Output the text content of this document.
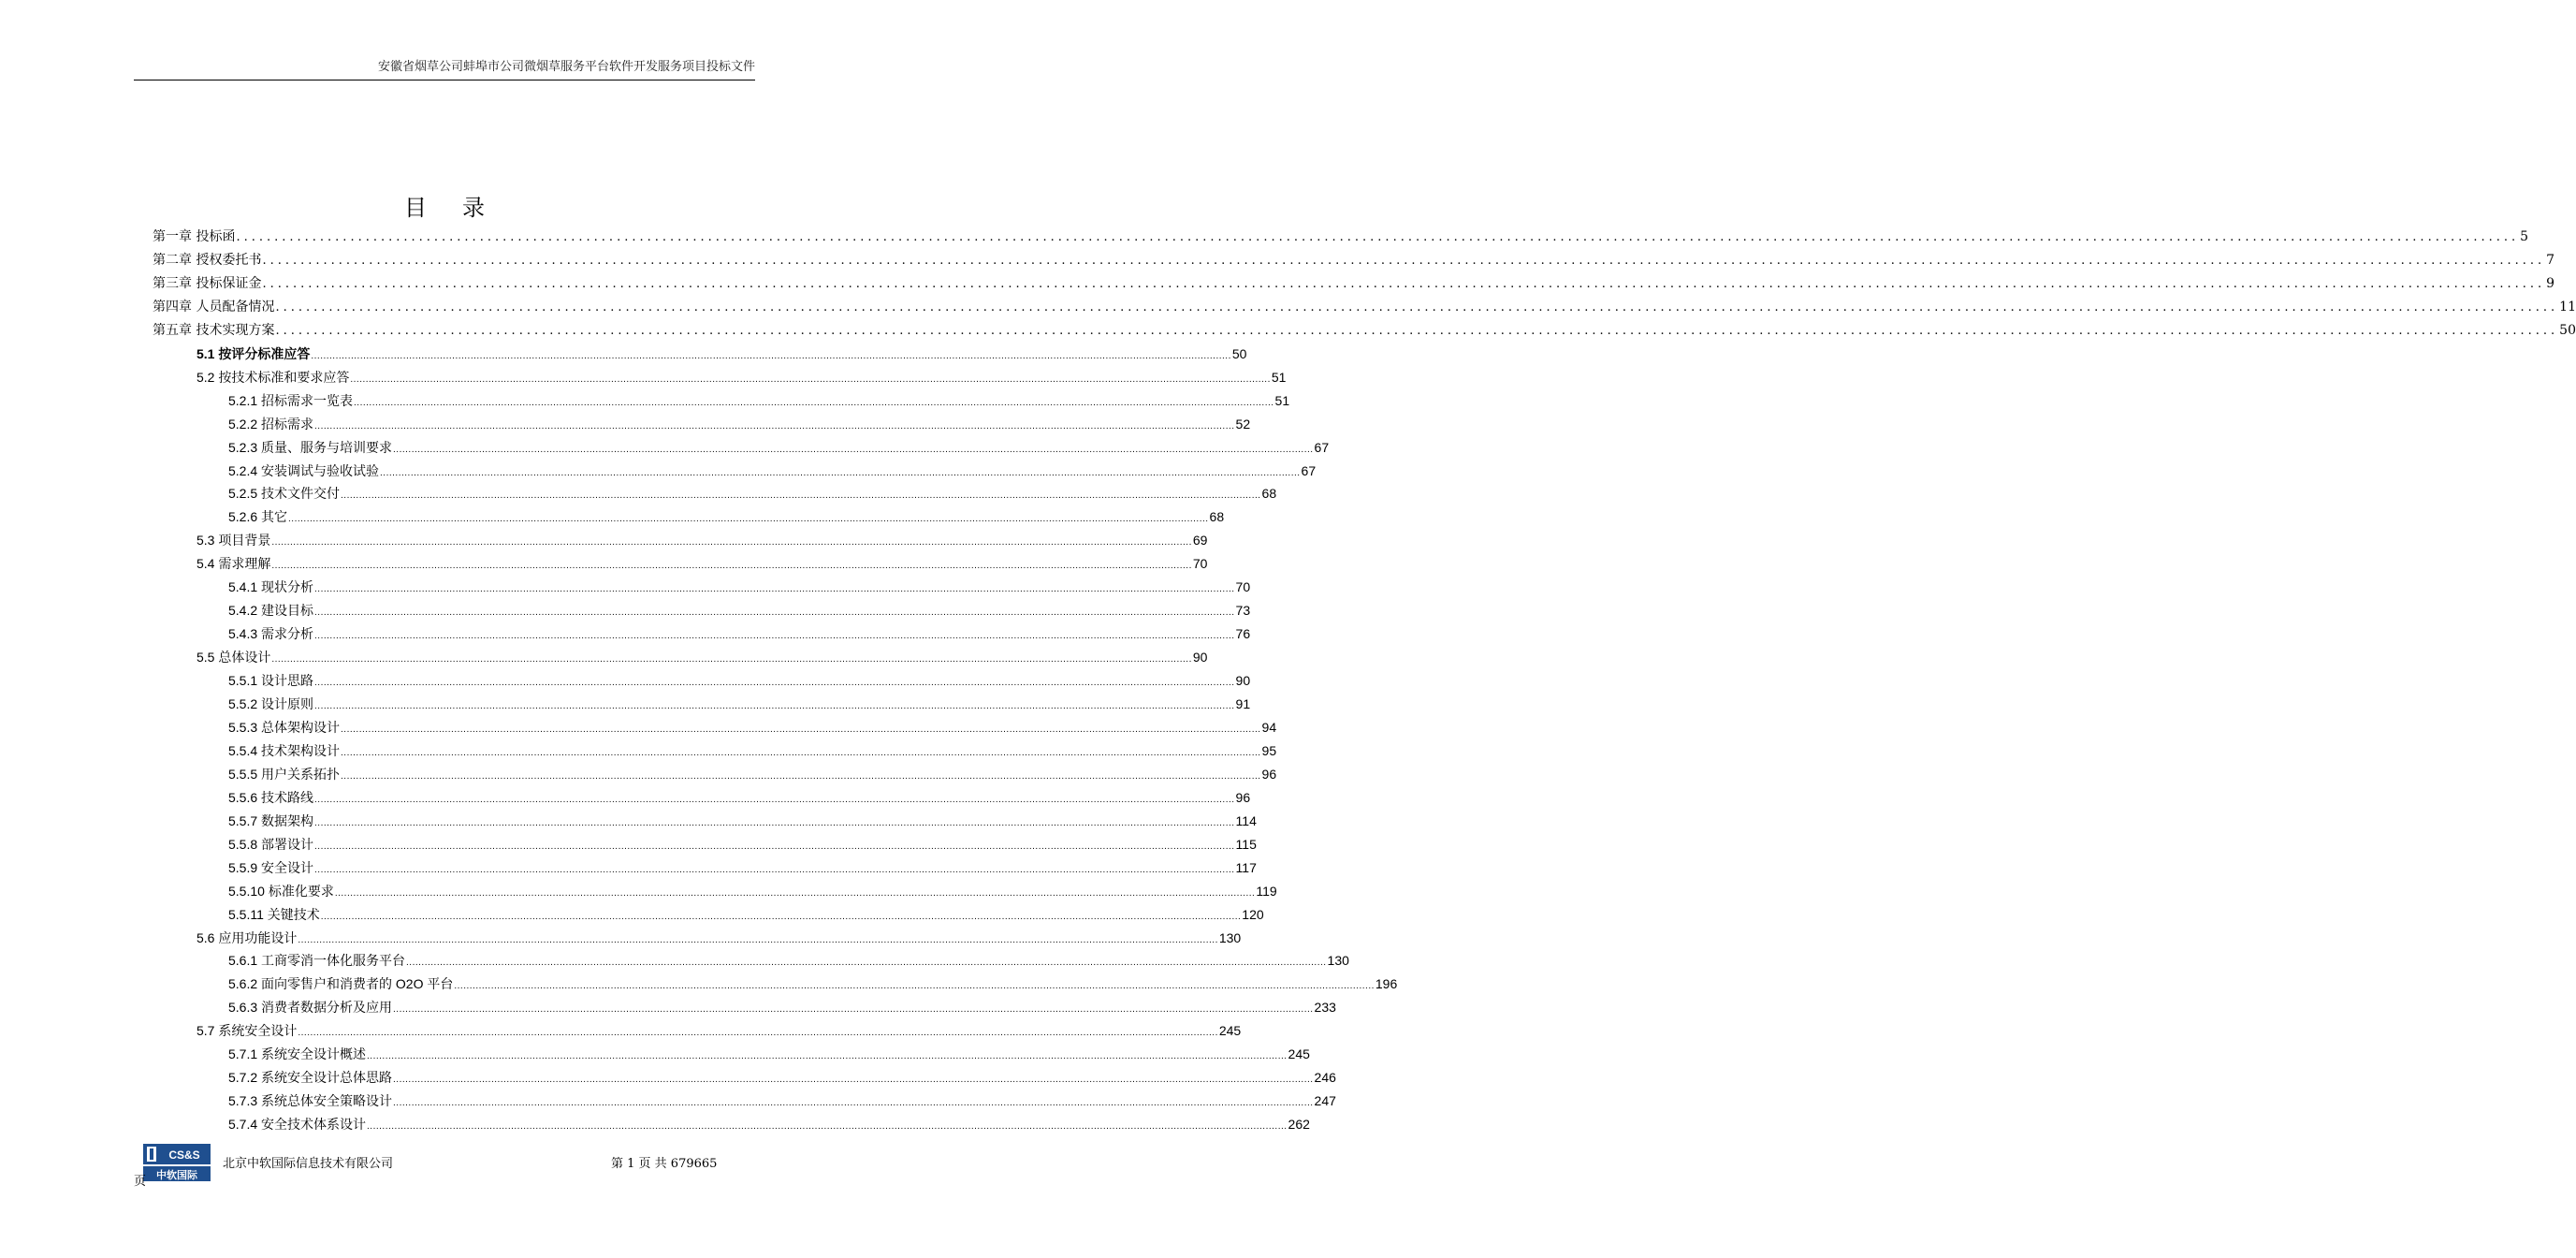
安徽省烟草公司蚌埠市公司微烟草服务平台软件开发服务项目投标文件
目录
第一章 投标函 ............................................................................................................................................................................................................................................................................................................ 5
第二章 授权委托书 ............................................................................................................................................................................................................................................................................................................ 7
第三章 投标保证金 ............................................................................................................................................................................................................................................................................................................ 9
第四章 人员配备情况 ............................................................................................................................................................................................................................................................................................................ 11
第五章 技术实现方案 ............................................................................................................................................................................................................................................................................................................ 50
5.1 按评分标准应答 ............................................................................................................................................................................................................................................................................................................ 50
5.2 按技术标准和要求应答 ............................................................................................................................................................................................................................................................................................................ 51
5.2.1 招标需求一览表 ............................................................................................................................................................................................................................................................................................................ 51
5.2.2 招标需求 ............................................................................................................................................................................................................................................................................................................ 52
5.2.3 质量、服务与培训要求 ............................................................................................................................................................................................................................................................................................................ 67
5.2.4 安装调试与验收试验 ............................................................................................................................................................................................................................................................................................................ 67
5.2.5 技术文件交付 ............................................................................................................................................................................................................................................................................................................ 68
5.2.6 其它 ............................................................................................................................................................................................................................................................................................................ 68
5.3 项目背景 ............................................................................................................................................................................................................................................................................................................ 69
5.4 需求理解 ............................................................................................................................................................................................................................................................................................................ 70
5.4.1 现状分析 ............................................................................................................................................................................................................................................................................................................ 70
5.4.2 建设目标 ............................................................................................................................................................................................................................................................................................................ 73
5.4.3 需求分析 ............................................................................................................................................................................................................................................................................................................ 76
5.5 总体设计 ............................................................................................................................................................................................................................................................................................................ 90
5.5.1 设计思路 ............................................................................................................................................................................................................................................................................................................ 90
5.5.2 设计原则 ............................................................................................................................................................................................................................................................................................................ 91
5.5.3 总体架构设计 ............................................................................................................................................................................................................................................................................................................ 94
5.5.4 技术架构设计 ............................................................................................................................................................................................................................................................................................................ 95
5.5.5 用户关系拓扑 ............................................................................................................................................................................................................................................................................................................ 96
5.5.6 技术路线 ............................................................................................................................................................................................................................................................................................................ 96
5.5.7 数据架构 ............................................................................................................................................................................................................................................................................................................ 114
5.5.8 部署设计 ............................................................................................................................................................................................................................................................................................................ 115
5.5.9 安全设计 ............................................................................................................................................................................................................................................................................................................ 117
5.5.10 标准化要求 ............................................................................................................................................................................................................................................................................................................ 119
5.5.11 关键技术 ............................................................................................................................................................................................................................................................................................................ 120
5.6 应用功能设计 ............................................................................................................................................................................................................................................................................................................ 130
5.6.1 工商零消一体化服务平台 ............................................................................................................................................................................................................................................................................................................ 130
5.6.2 面向零售户和消费者的 O2O 平台 ............................................................................................................................................................................................................................................................................................................ 196
5.6.3 消费者数据分析及应用 ............................................................................................................................................................................................................................................................................................................ 233
5.7 系统安全设计 ............................................................................................................................................................................................................................................................................................................ 245
5.7.1 系统安全设计概述 ............................................................................................................................................................................................................................................................................................................ 245
5.7.2 系统安全设计总体思路 ............................................................................................................................................................................................................................................................................................................ 246
5.7.3 系统总体安全策略设计 ............................................................................................................................................................................................................................................................................................................ 247
5.7.4 安全技术体系设计 ............................................................................................................................................................................................................................................................................................................ 262
CS&S
中软国际
北京中软国际信息技术有限公司	第 1 页 共 679665
页
